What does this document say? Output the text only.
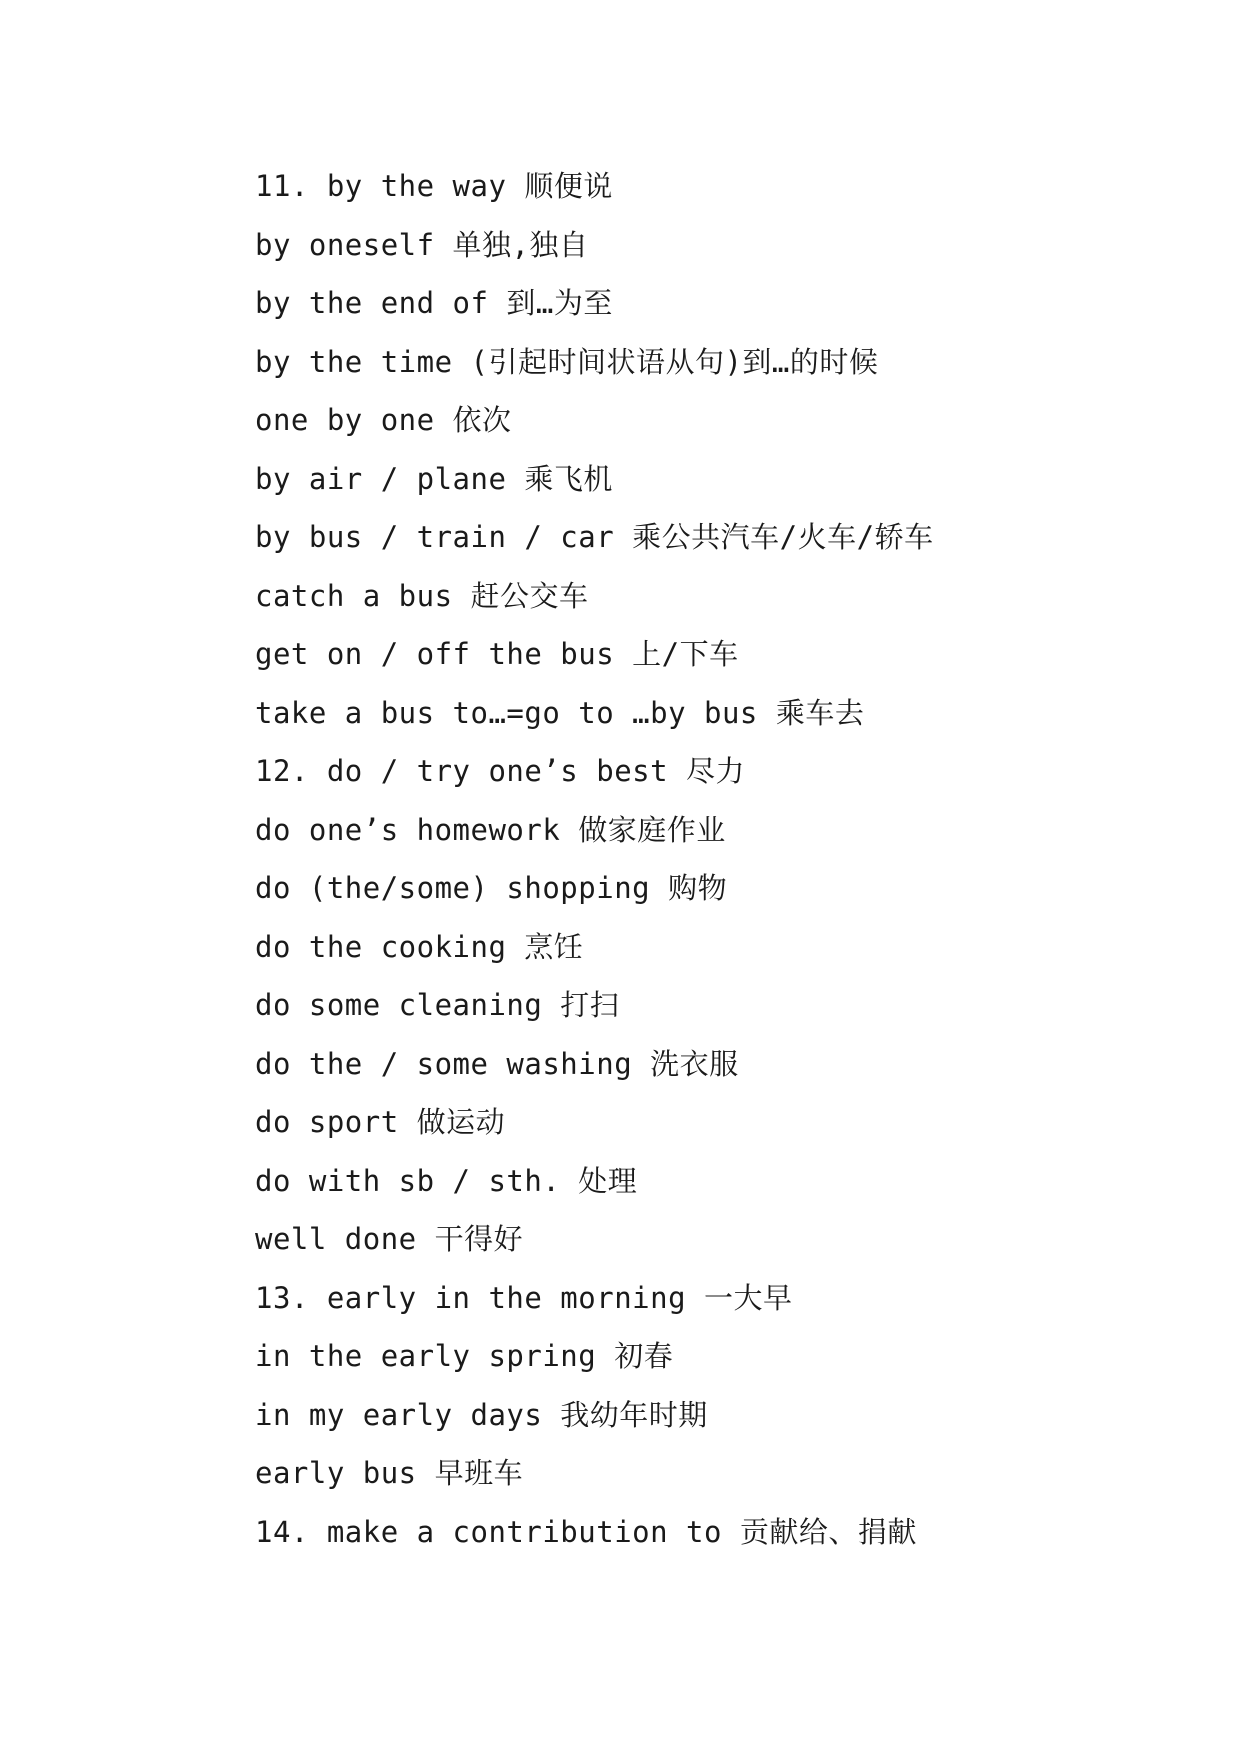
11. by the way 顺便说
by oneself 单独,独自
by the end of 到…为至
by the time (引起时间状语从句)到…的时候
one by one 依次
by air / plane 乘飞机
by bus / train / car 乘公共汽车/火车/轿车
catch a bus 赶公交车
get on / off the bus 上/下车
take a bus to…=go to …by bus 乘车去
12. do / try one’s best 尽力
do one’s homework 做家庭作业
do (the/some) shopping 购物
do the cooking 烹饪
do some cleaning 打扫
do the / some washing 洗衣服
do sport 做运动
do with sb / sth. 处理
well done 干得好
13. early in the morning 一大早
in the early spring 初春
in my early days 我幼年时期
early bus 早班车
14. make a contribution to 贡献给、捐献
